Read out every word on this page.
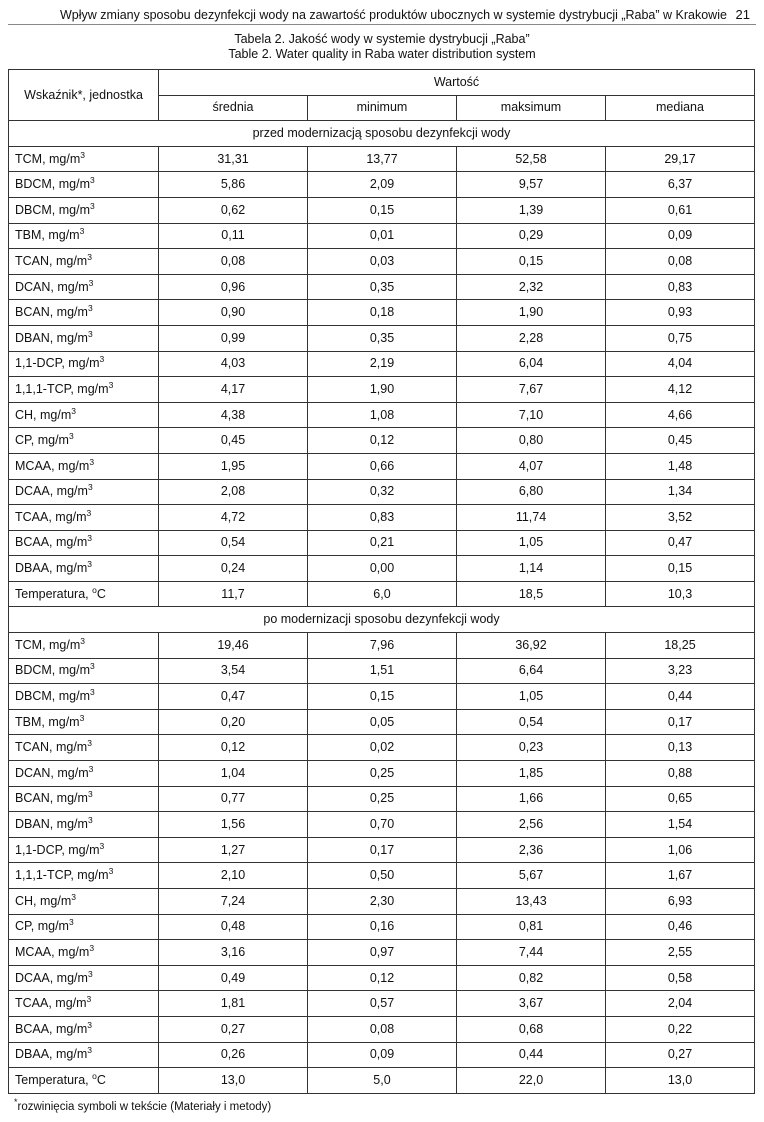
Wpływ zmiany sposobu dezynfekcji wody na zawartość produktów ubocznych w systemie dystrybucji „Raba” w Krakowie 21
Tabela 2. Jakość wody w systemie dystrybucji „Raba”
Table 2. Water quality in Raba water distribution system
Wskaźnik*, jednostka	Wartość			
	średnia	minimum	maksimum	mediana
przed modernizacją sposobu dezynfekcji wody				
TCM, $mg/m^3$	31,31	13,77	52,58	29,17
BDCM, $mg/m^3$	5,86	2,09	9,57	6,37
DBCM, $mg/m^3$	0,62	0,15	1,39	0,61
TBM, $mg/m^3$	0,11	0,01	0,29	0,09
TCAN, $mg/m^3$	0,08	0,03	0,15	0,08
DCAN, $mg/m^3$	0,96	0,35	2,32	0,83
BCAN, $mg/m^3$	0,90	0,18	1,90	0,93
DBAN, $mg/m^3$	0,99	0,35	2,28	0,75
1,1-DCP, $mg/m^3$	4,03	2,19	6,04	4,04
1,1,1-TCP, $mg/m^3$	4,17	1,90	7,67	4,12
CH, $mg/m^3$	4,38	1,08	7,10	4,66
CP, $mg/m^3$	0,45	0,12	0,80	0,45
MCAA, $mg/m^3$	1,95	0,66	4,07	1,48
DCAA, $mg/m^3$	2,08	0,32	6,80	1,34
TCAA, $mg/m^3$	4,72	0,83	11,74	3,52
BCAA, $mg/m^3$	0,54	0,21	1,05	0,47
DBAA, $mg/m^3$	0,24	0,00	1,14	0,15
Temperatura, $^o$C	11,7	6,0	18,5	10,3
po modernizacji sposobu dezynfekcji wody				
TCM, $mg/m^3$	19,46	7,96	36,92	18,25
BDCM, $mg/m^3$	3,54	1,51	6,64	3,23
DBCM, $mg/m^3$	0,47	0,15	1,05	0,44
TBM, $mg/m^3$	0,20	0,05	0,54	0,17
TCAN, $mg/m^3$	0,12	0,02	0,23	0,13
DCAN, $mg/m^3$	1,04	0,25	1,85	0,88
BCAN, $mg/m^3$	0,77	0,25	1,66	0,65
DBAN, $mg/m^3$	1,56	0,70	2,56	1,54
1,1-DCP, $mg/m^3$	1,27	0,17	2,36	1,06
1,1,1-TCP, $mg/m^3$	2,10	0,50	5,67	1,67
CH, $mg/m^3$	7,24	2,30	13,43	6,93
CP, $mg/m^3$	0,48	0,16	0,81	0,46
MCAA, $mg/m^3$	3,16	0,97	7,44	2,55
DCAA, $mg/m^3$	0,49	0,12	0,82	0,58
TCAA, $mg/m^3$	1,81	0,57	3,67	2,04
BCAA, $mg/m^3$	0,27	0,08	0,68	0,22
DBAA, $mg/m^3$	0,26	0,09	0,44	0,27
Temperatura, $^o$C	13,0	5,0	22,0	13,0
*rozwinięcia symboli w tekście (Materiały i metody)
